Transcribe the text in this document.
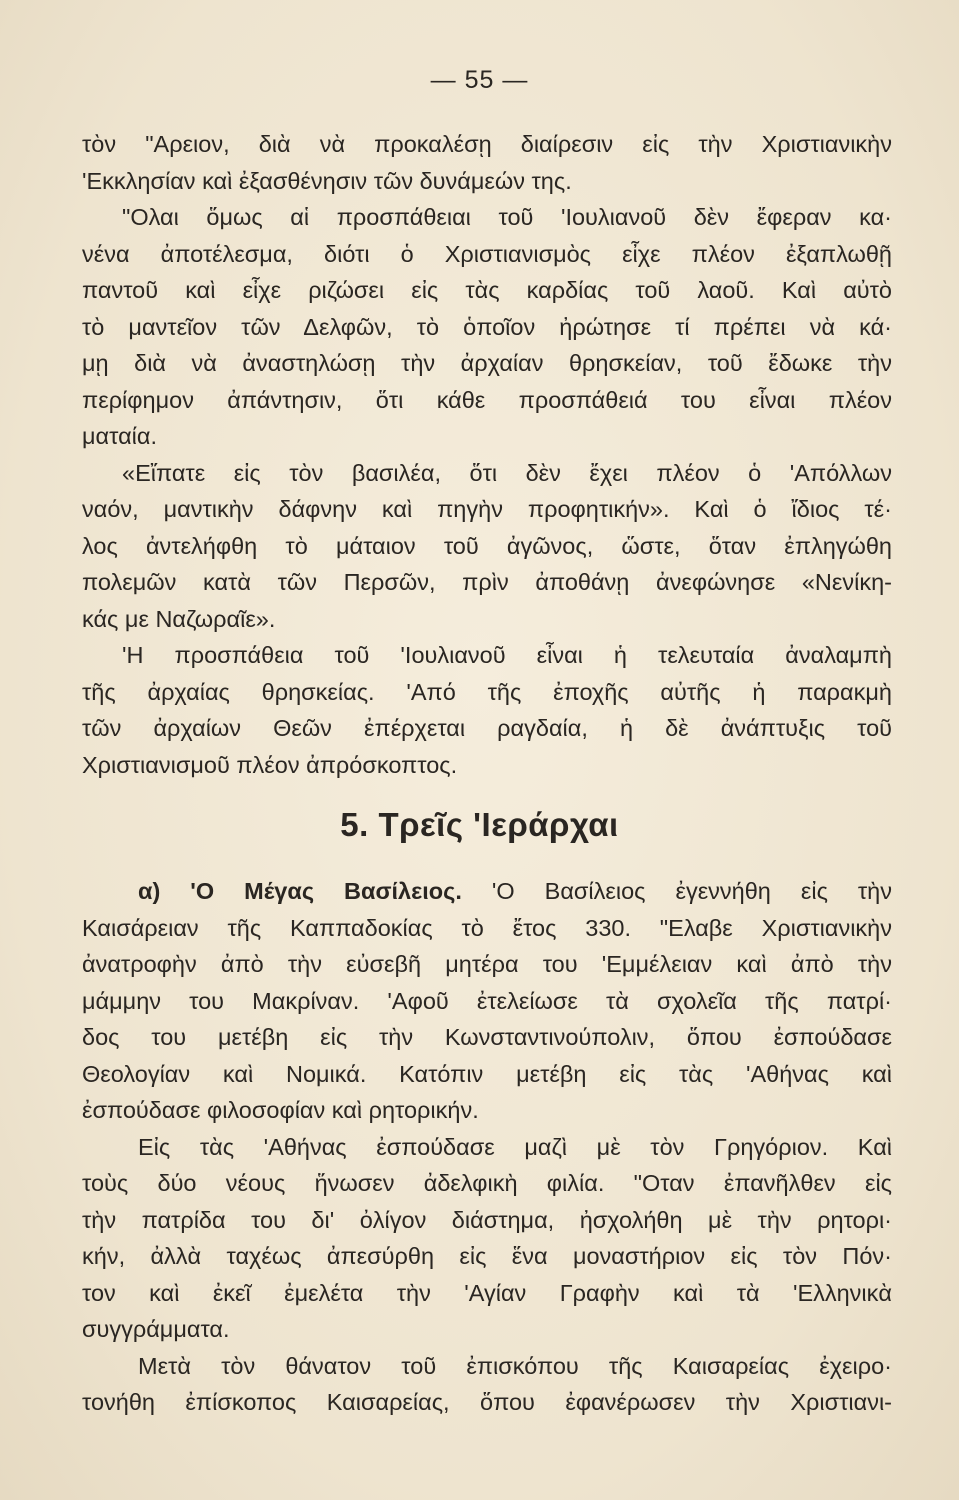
— 55 —
τὸν "Αρειον, διὰ νὰ προκαλέσῃ διαίρεσιν εἰς τὴν Χριστιανικὴν
'Εκκλησίαν καὶ ἐξασθένησιν τῶν δυνάμεών της.
"Ολαι ὅμως αἱ προσπάθειαι τοῦ 'Ιουλιανοῦ δὲν ἔφεραν κα·
νένα ἀποτέλεσμα, διότι ὁ Χριστιανισμὸς εἶχε πλέον ἐξαπλωθῇ
παντοῦ καὶ εἶχε ριζώσει εἰς τὰς καρδίας τοῦ λαοῦ. Καὶ αὐτὸ
τὸ μαντεῖον τῶν Δελφῶν, τὸ ὁποῖον ἠρώτησε τί πρέπει νὰ κά·
μῃ διὰ νὰ ἀναστηλώσῃ τὴν ἀρχαίαν θρησκείαν, τοῦ ἔδωκε τὴν
περίφημον ἀπάντησιν, ὅτι κάθε προσπάθειά του εἶναι πλέον
ματαία.
«Εἴπατε εἰς τὸν βασιλέα, ὅτι δὲν ἔχει πλέον ὁ 'Απόλλων
ναόν, μαντικὴν δάφνην καὶ πηγὴν προφητικήν». Καὶ ὁ ἴδιος τέ·
λος ἀντελήφθη τὸ μάταιον τοῦ ἀγῶνος, ὥστε, ὅταν ἐπληγώθη
πολεμῶν κατὰ τῶν Περσῶν, πρὶν ἀποθάνῃ ἀνεφώνησε «Νενίκη-
κάς με Ναζωραῖε».
'Η προσπάθεια τοῦ 'Ιουλιανοῦ εἶναι ἡ τελευταία ἀναλαμπὴ
τῆς ἀρχαίας θρησκείας. 'Από τῆς ἐποχῆς αὐτῆς ἡ παρακμὴ
τῶν ἀρχαίων Θεῶν ἐπέρχεται ραγδαία, ἡ δὲ ἀνάπτυξις τοῦ
Χριστιανισμοῦ πλέον ἀπρόσκοπτος.
5. Τρεῖς 'Ιεράρχαι
α) 'Ο Μέγας Βασίλειος. 'Ο Βασίλειος ἐγεννήθη εἰς τὴν
Καισάρειαν τῆς Καππαδοκίας τὸ ἔτος 330. "Ελαβε Χριστιανικὴν
ἀνατροφὴν ἀπὸ τὴν εὐσεβῆ μητέρα του 'Εμμέλειαν καὶ ἀπὸ τὴν
μάμμην του Μακρίναν. 'Αφοῦ ἐτελείωσε τὰ σχολεῖα τῆς πατρί·
δος του μετέβη εἰς τὴν Κωνσταντινούπολιν, ὅπου ἐσπούδασε
Θεολογίαν καὶ Νομικά. Κατόπιν μετέβη εἰς τὰς 'Αθήνας καὶ
ἐσπούδασε φιλοσοφίαν καὶ ρητορικήν.
Εἰς τὰς 'Αθήνας ἐσπούδασε μαζὶ μὲ τὸν Γρηγόριον. Καὶ
τοὺς δύο νέους ἥνωσεν ἀδελφικὴ φιλία. "Οταν ἐπανῆλθεν εἰς
τὴν πατρίδα του δι' ὀλίγον διάστημα, ἠσχολήθη μὲ τὴν ρητορι·
κήν, ἀλλὰ ταχέως ἀπεσύρθη εἰς ἕνα μοναστήριον εἰς τὸν Πόν·
τον καὶ ἐκεῖ ἐμελέτα τὴν 'Αγίαν Γραφὴν καὶ τὰ 'Ελληνικὰ
συγγράμματα.
Μετὰ τὸν θάνατον τοῦ ἐπισκόπου τῆς Καισαρείας ἐχειρο·
τονήθη ἐπίσκοπος Καισαρείας, ὅπου ἐφανέρωσεν τὴν Χριστιανι-
